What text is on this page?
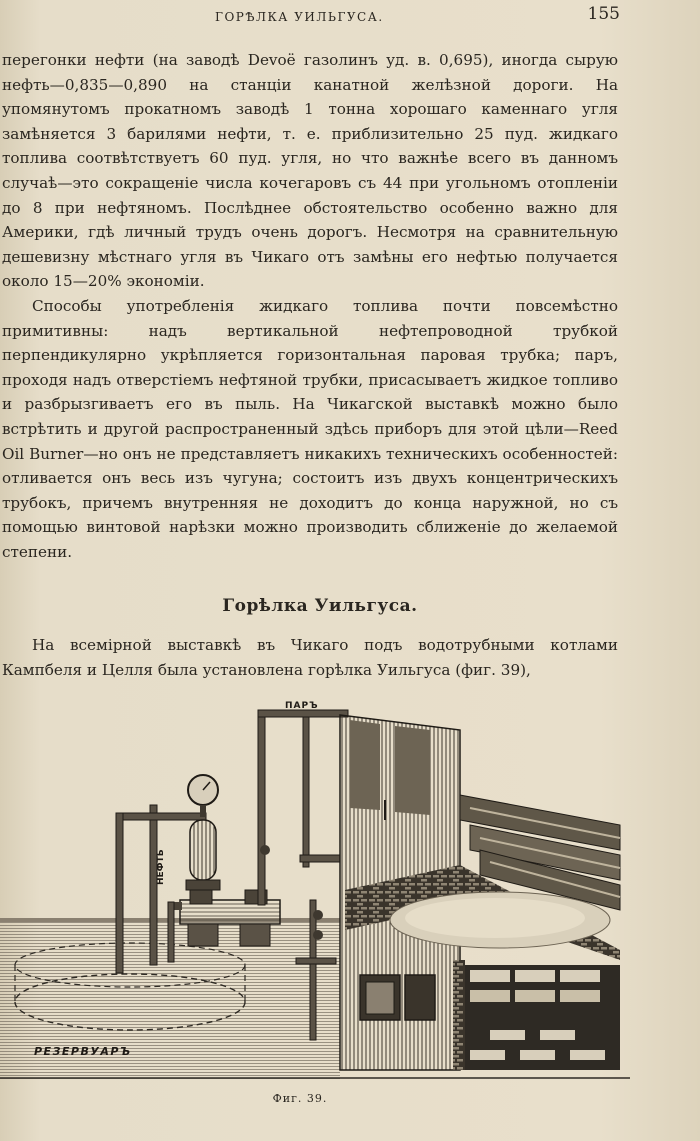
ГОРѢЛКА УИЛЬГУСА.	155

перегонки нефти (на заводѣ Devoë газолинъ уд. в. 0,695), иногда сырую нефть—0,835—0,890 на станціи канатной желѣзной дороги. На упомянутомъ прокатномъ заводѣ 1 тонна хорошаго каменнаго угля замѣняется 3 барилями нефти, т. е. приблизительно 25 пуд. жидкаго топлива соотвѣтствуетъ 60 пуд. угля, но что важнѣе всего въ данномъ случаѣ—это сокращеніе числа кочегаровъ съ 44 при угольномъ отопленіи до 8 при нефтяномъ. Послѣднее обстоятельство особенно важно для Америки, гдѣ личный трудъ очень дорогъ. Несмотря на сравнительную дешевизну мѣстнаго угля въ Чикаго отъ замѣны его нефтью получается около 15—20% экономіи.

Способы употребленія жидкаго топлива почти повсемѣстно примитивны: надъ вертикальной нефтепроводной трубкой перпендикулярно укрѣпляется горизонтальная паровая трубка; паръ, проходя надъ отверстіемъ нефтяной трубки, присасываетъ жидкое топливо и разбрызгиваетъ его въ пыль. На Чикагской выставкѣ можно было встрѣтить и другой распространенный здѣсь приборъ для этой цѣли—Reed Oil Burner—но онъ не представляетъ никакихъ техническихъ особенностей: отливается онъ весь изъ чугуна; состоитъ изъ двухъ концентрическихъ трубокъ, причемъ внутренняя не доходитъ до конца наружной, но съ помощью винтовой нарѣзки можно производить сближеніе до желаемой степени.

Горѣлка Уильгуса.

На всемірной выставкѣ въ Чикаго подъ водотрубными котлами Кампбеля и Целля была установлена горѣлка Уильгуса (фиг. 39),

РЕЗЕРВУАРЪ
НЕФТЬ
ПАРЪ
Фиг. 39.
